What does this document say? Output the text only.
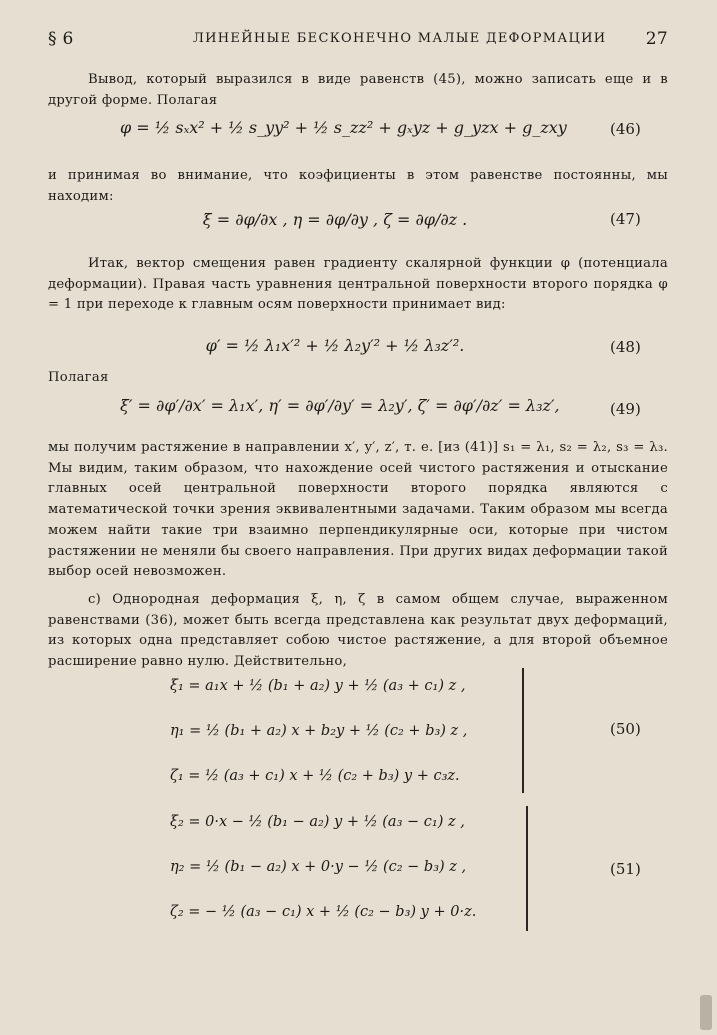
§ 6	ЛИНЕЙНЫЕ БЕСКОНЕЧНО МАЛЫЕ ДЕФОРМАЦИИ 27
Вывод, который выразился в виде равенств (45), можно записать еще и в другой форме. Полагая
φ = ½ sₓx² + ½ s_yy² + ½ s_zz² + gₓyz + g_yzx + g_zxy	(46)
и принимая во внимание, что коэфициенты в этом равенстве постоянны, мы находим:
ξ = ∂φ/∂x , η = ∂φ/∂y , ζ = ∂φ/∂z .	(47)
Итак, вектор смещения равен градиенту скалярной функции φ (потенциала деформации). Правая часть уравнения центральной поверхности второго порядка φ = 1 при переходе к главным осям поверхности принимает вид:
φ′ = ½ λ₁x′² + ½ λ₂y′² + ½ λ₃z′².	(48)
Полагая
ξ′ = ∂φ′/∂x′ = λ₁x′, η′ = ∂φ′/∂y′ = λ₂y′, ζ′ = ∂φ′/∂z′ = λ₃z′,	(49)
мы получим растяжение в направлении x′, y′, z′, т. е. [из (41)] s₁ = λ₁, s₂ = λ₂, s₃ = λ₃. Мы видим, таким образом, что нахождение осей чистого растяжения и отыскание главных осей центральной поверхности второго порядка являются с математической точки зрения эквивалентными задачами. Таким образом мы всегда можем найти такие три взаимно перпендикулярные оси, которые при чистом растяжении не меняли бы своего направления. При других видах деформации такой выбор осей невозможен.
с) Однородная деформация ξ, η, ζ в самом общем случае, выраженном равенствами (36), может быть всегда представлена как результат двух деформаций, из которых одна представляет собою чистое растяжение, а для второй объемное расширение равно нулю. Действительно,
ξ₁ = a₁x + ½ (b₁ + a₂) y + ½ (a₃ + c₁) z ,
η₁ = ½ (b₁ + a₂) x + b₂y + ½ (c₂ + b₃) z ,
ζ₁ = ½ (a₃ + c₁) x + ½ (c₂ + b₃) y + c₃z.
(50)
ξ₂ = 0·x − ½ (b₁ − a₂) y + ½ (a₃ − c₁) z ,
η₂ = ½ (b₁ − a₂) x + 0·y − ½ (c₂ − b₃) z ,
ζ₂ = − ½ (a₃ − c₁) x + ½ (c₂ − b₃) y + 0·z.
(51)
